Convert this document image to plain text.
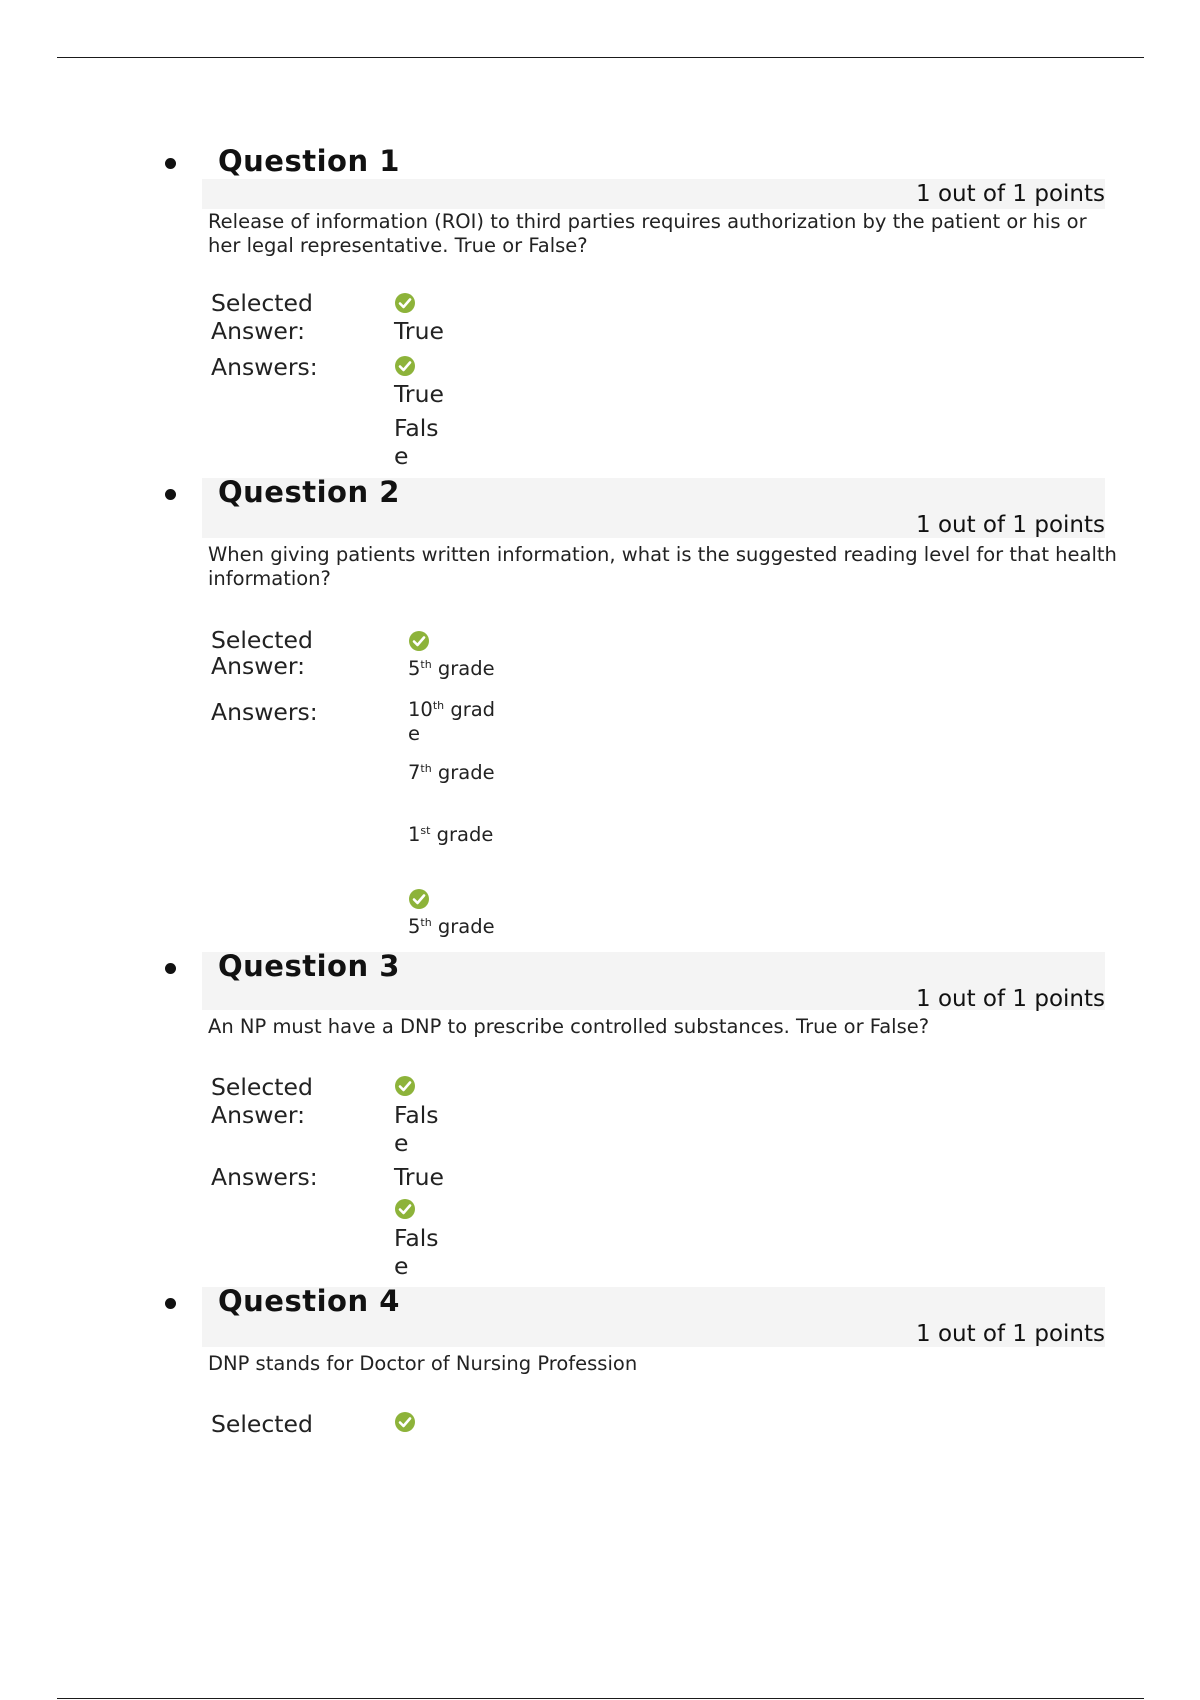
Question 1
1 out of 1 points
Release of information (ROI) to third parties requires authorization by the patient or his or her legal representative. True or False?
Selected Answer:	True
Answers:
True
False
Question 2
1 out of 1 points
When giving patients written information, what is the suggested reading level for that health information?
Selected Answer:	5th grade
Answers:	10th grade
7th grade
1st grade
5th grade
Question 3
1 out of 1 points
An NP must have a DNP to prescribe controlled substances. True or False?
Selected Answer:	False
Answers:	True
False
Question 4
1 out of 1 points
DNP stands for Doctor of Nursing Profession
Selected
